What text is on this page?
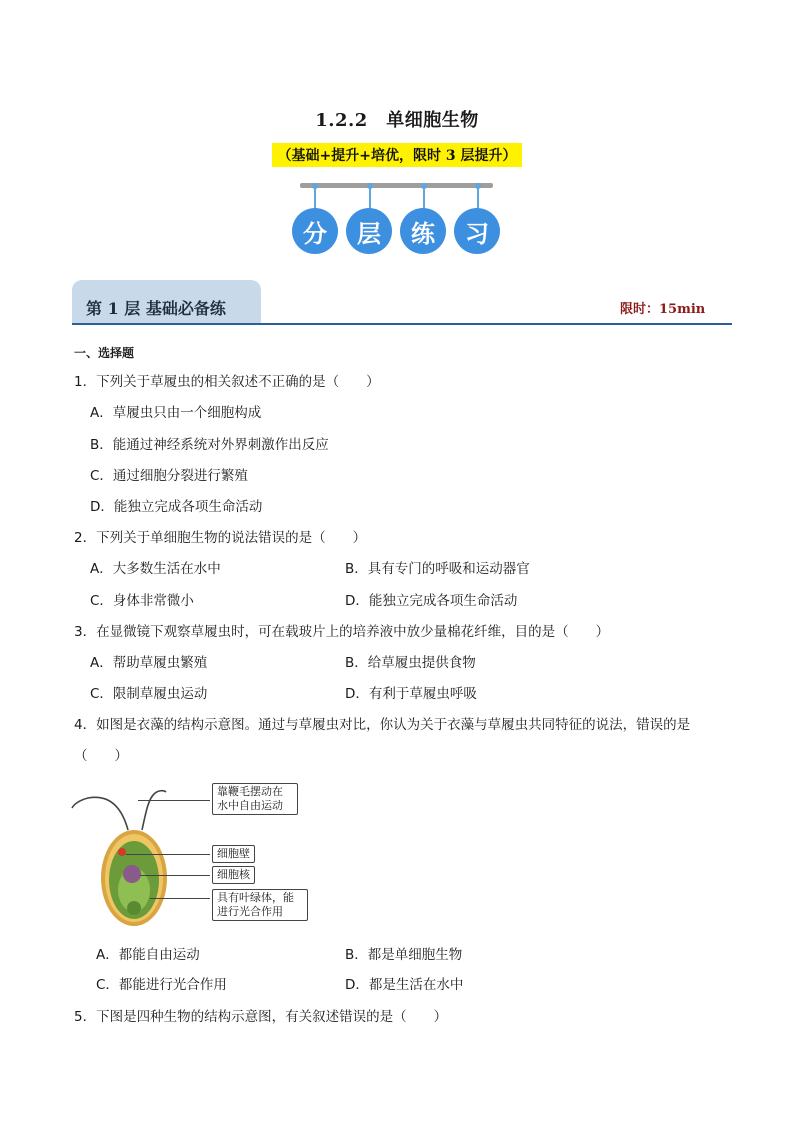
1.2.2　单细胞生物
（基础+提升+培优，限时 3 层提升）
分	层	练	习
第 1 层 基础必备练	限时：15min
一、选择题
1．下列关于草履虫的相关叙述不正确的是（　　）
A．草履虫只由一个细胞构成
B．能通过神经系统对外界刺激作出反应
C．通过细胞分裂进行繁殖
D．能独立完成各项生命活动
2．下列关于单细胞生物的说法错误的是（　　）
A．大多数生活在水中	B．具有专门的呼吸和运动器官
C．身体非常微小	D．能独立完成各项生命活动
3．在显微镜下观察草履虫时，可在载玻片上的培养液中放少量棉花纤维，目的是（　　）
A．帮助草履虫繁殖	B．给草履虫提供食物
C．限制草履虫运动	D．有利于草履虫呼吸
4．如图是衣藻的结构示意图。通过与草履虫对比，你认为关于衣藻与草履虫共同特征的说法，错误的是
（　　）
靠鞭毛摆动在水中自由运动
细胞壁
细胞核
具有叶绿体，能进行光合作用
A．都能自由运动	B．都是单细胞生物
C．都能进行光合作用	D．都是生活在水中
5．下图是四种生物的结构示意图，有关叙述错误的是（　　）
